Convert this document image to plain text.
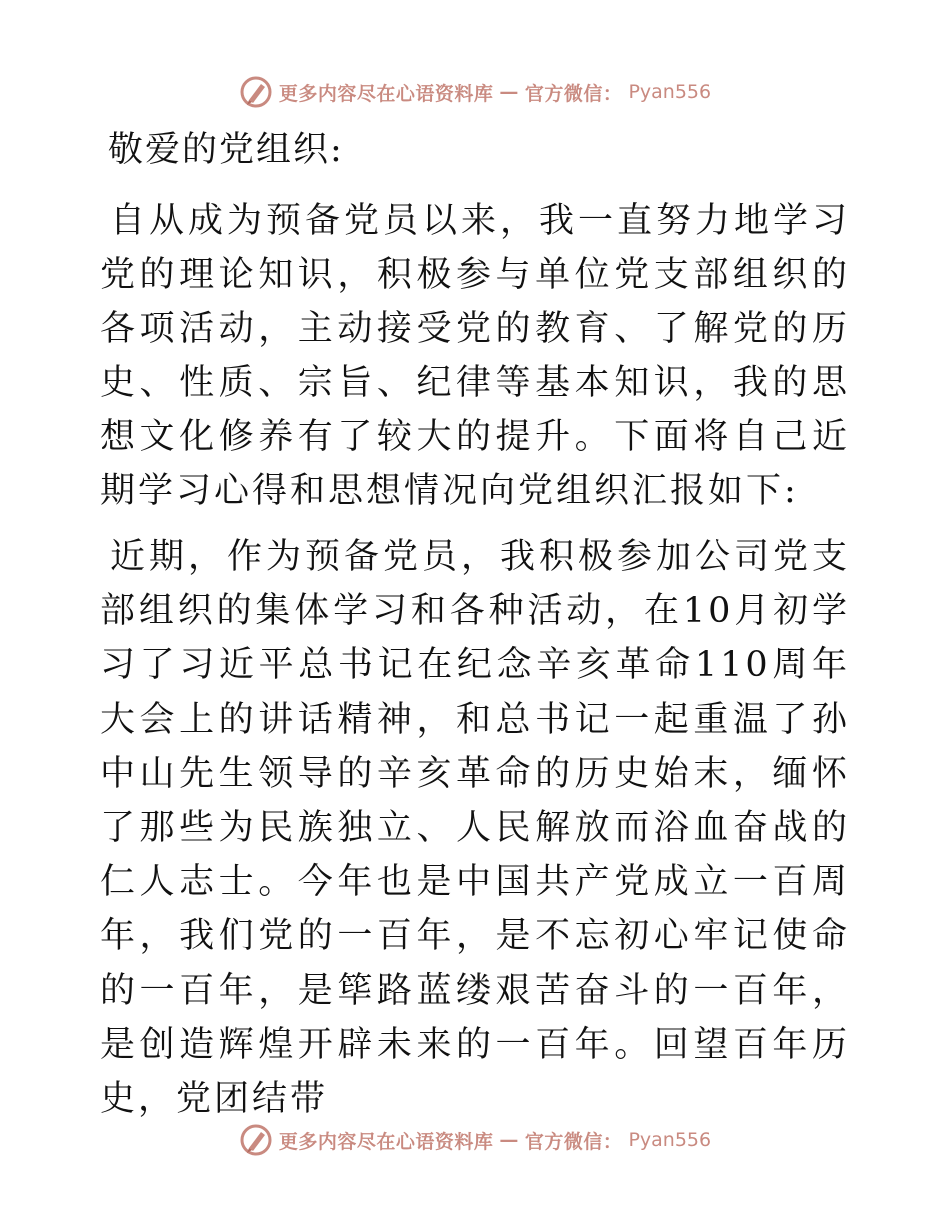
更多内容尽在心语资料库 — 官方微信： Pyan556
敬爱的党组织:

自从成为预备党员以来，我一直努力地学习党的理论知识，积极参与单位党支部组织的各项活动，主动接受党的教育、了解党的历史、性质、宗旨、纪律等基本知识，我的思想文化修养有了较大的提升。下面将自己近期学习心得和思想情况向党组织汇报如下:

近期，作为预备党员，我积极参加公司党支部组织的集体学习和各种活动，在10月初学习了习近平总书记在纪念辛亥革命110周年大会上的讲话精神，和总书记一起重温了孙中山先生领导的辛亥革命的历史始末，缅怀了那些为民族独立、人民解放而浴血奋战的仁人志士。今年也是中国共产党成立一百周年，我们党的一百年，是不忘初心牢记使命的一百年，是筚路蓝缕艰苦奋斗的一百年，是创造辉煌开辟未来的一百年。回望百年历史，党团结带

更多内容尽在心语资料库 — 官方微信： Pyan556
